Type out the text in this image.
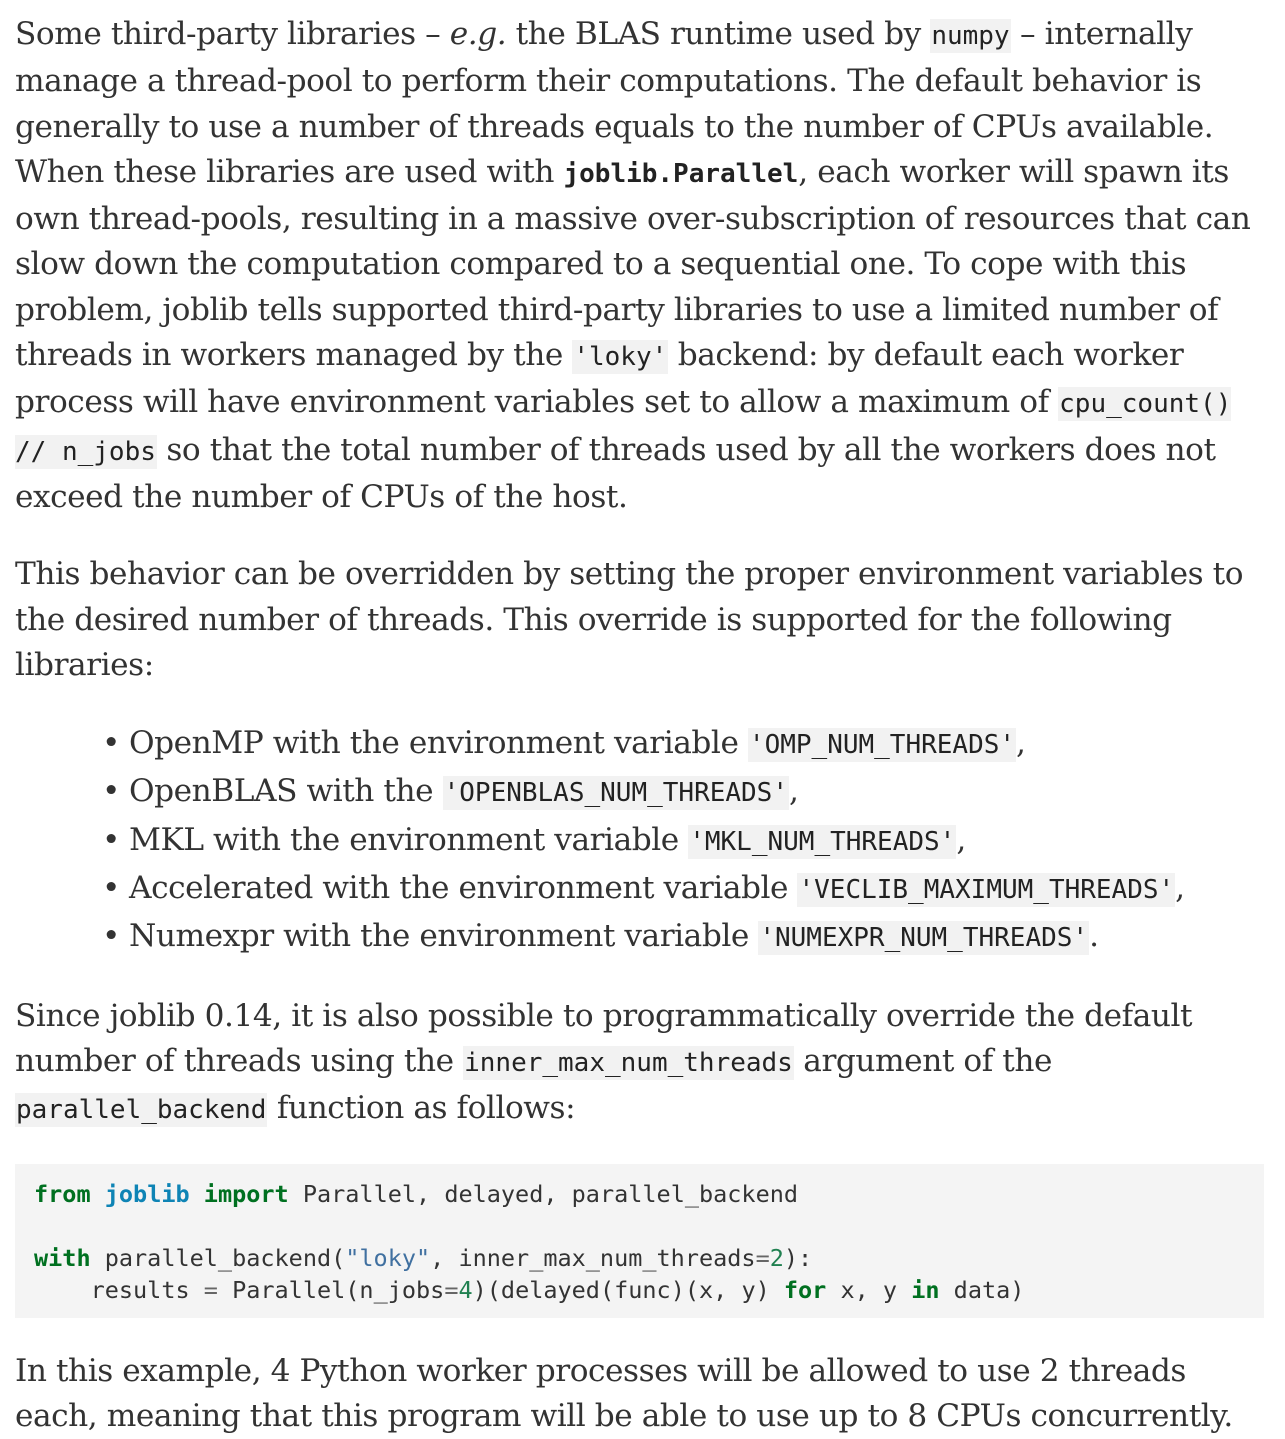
Some third-party libraries – e.g. the BLAS runtime used by numpy – internally manage a thread-pool to perform their computations. The default behavior is generally to use a number of threads equals to the number of CPUs available. When these libraries are used with joblib.Parallel, each worker will spawn its own thread-pools, resulting in a massive over-subscription of resources that can slow down the computation compared to a sequential one. To cope with this problem, joblib tells supported third-party libraries to use a limited number of threads in workers managed by the 'loky' backend: by default each worker process will have environment variables set to allow a maximum of cpu_count() // n_jobs so that the total number of threads used by all the workers does not exceed the number of CPUs of the host.

This behavior can be overridden by setting the proper environment variables to the desired number of threads. This override is supported for the following libraries:

• OpenMP with the environment variable 'OMP_NUM_THREADS',
• OpenBLAS with the 'OPENBLAS_NUM_THREADS',
• MKL with the environment variable 'MKL_NUM_THREADS',
• Accelerated with the environment variable 'VECLIB_MAXIMUM_THREADS',
• Numexpr with the environment variable 'NUMEXPR_NUM_THREADS'.

Since joblib 0.14, it is also possible to programmatically override the default number of threads using the inner_max_num_threads argument of the parallel_backend function as follows:

from joblib import Parallel, delayed, parallel_backend

with parallel_backend("loky", inner_max_num_threads=2):
results = Parallel(n_jobs=4)(delayed(func)(x, y) for x, y in data)

In this example, 4 Python worker processes will be allowed to use 2 threads each, meaning that this program will be able to use up to 8 CPUs concurrently.
